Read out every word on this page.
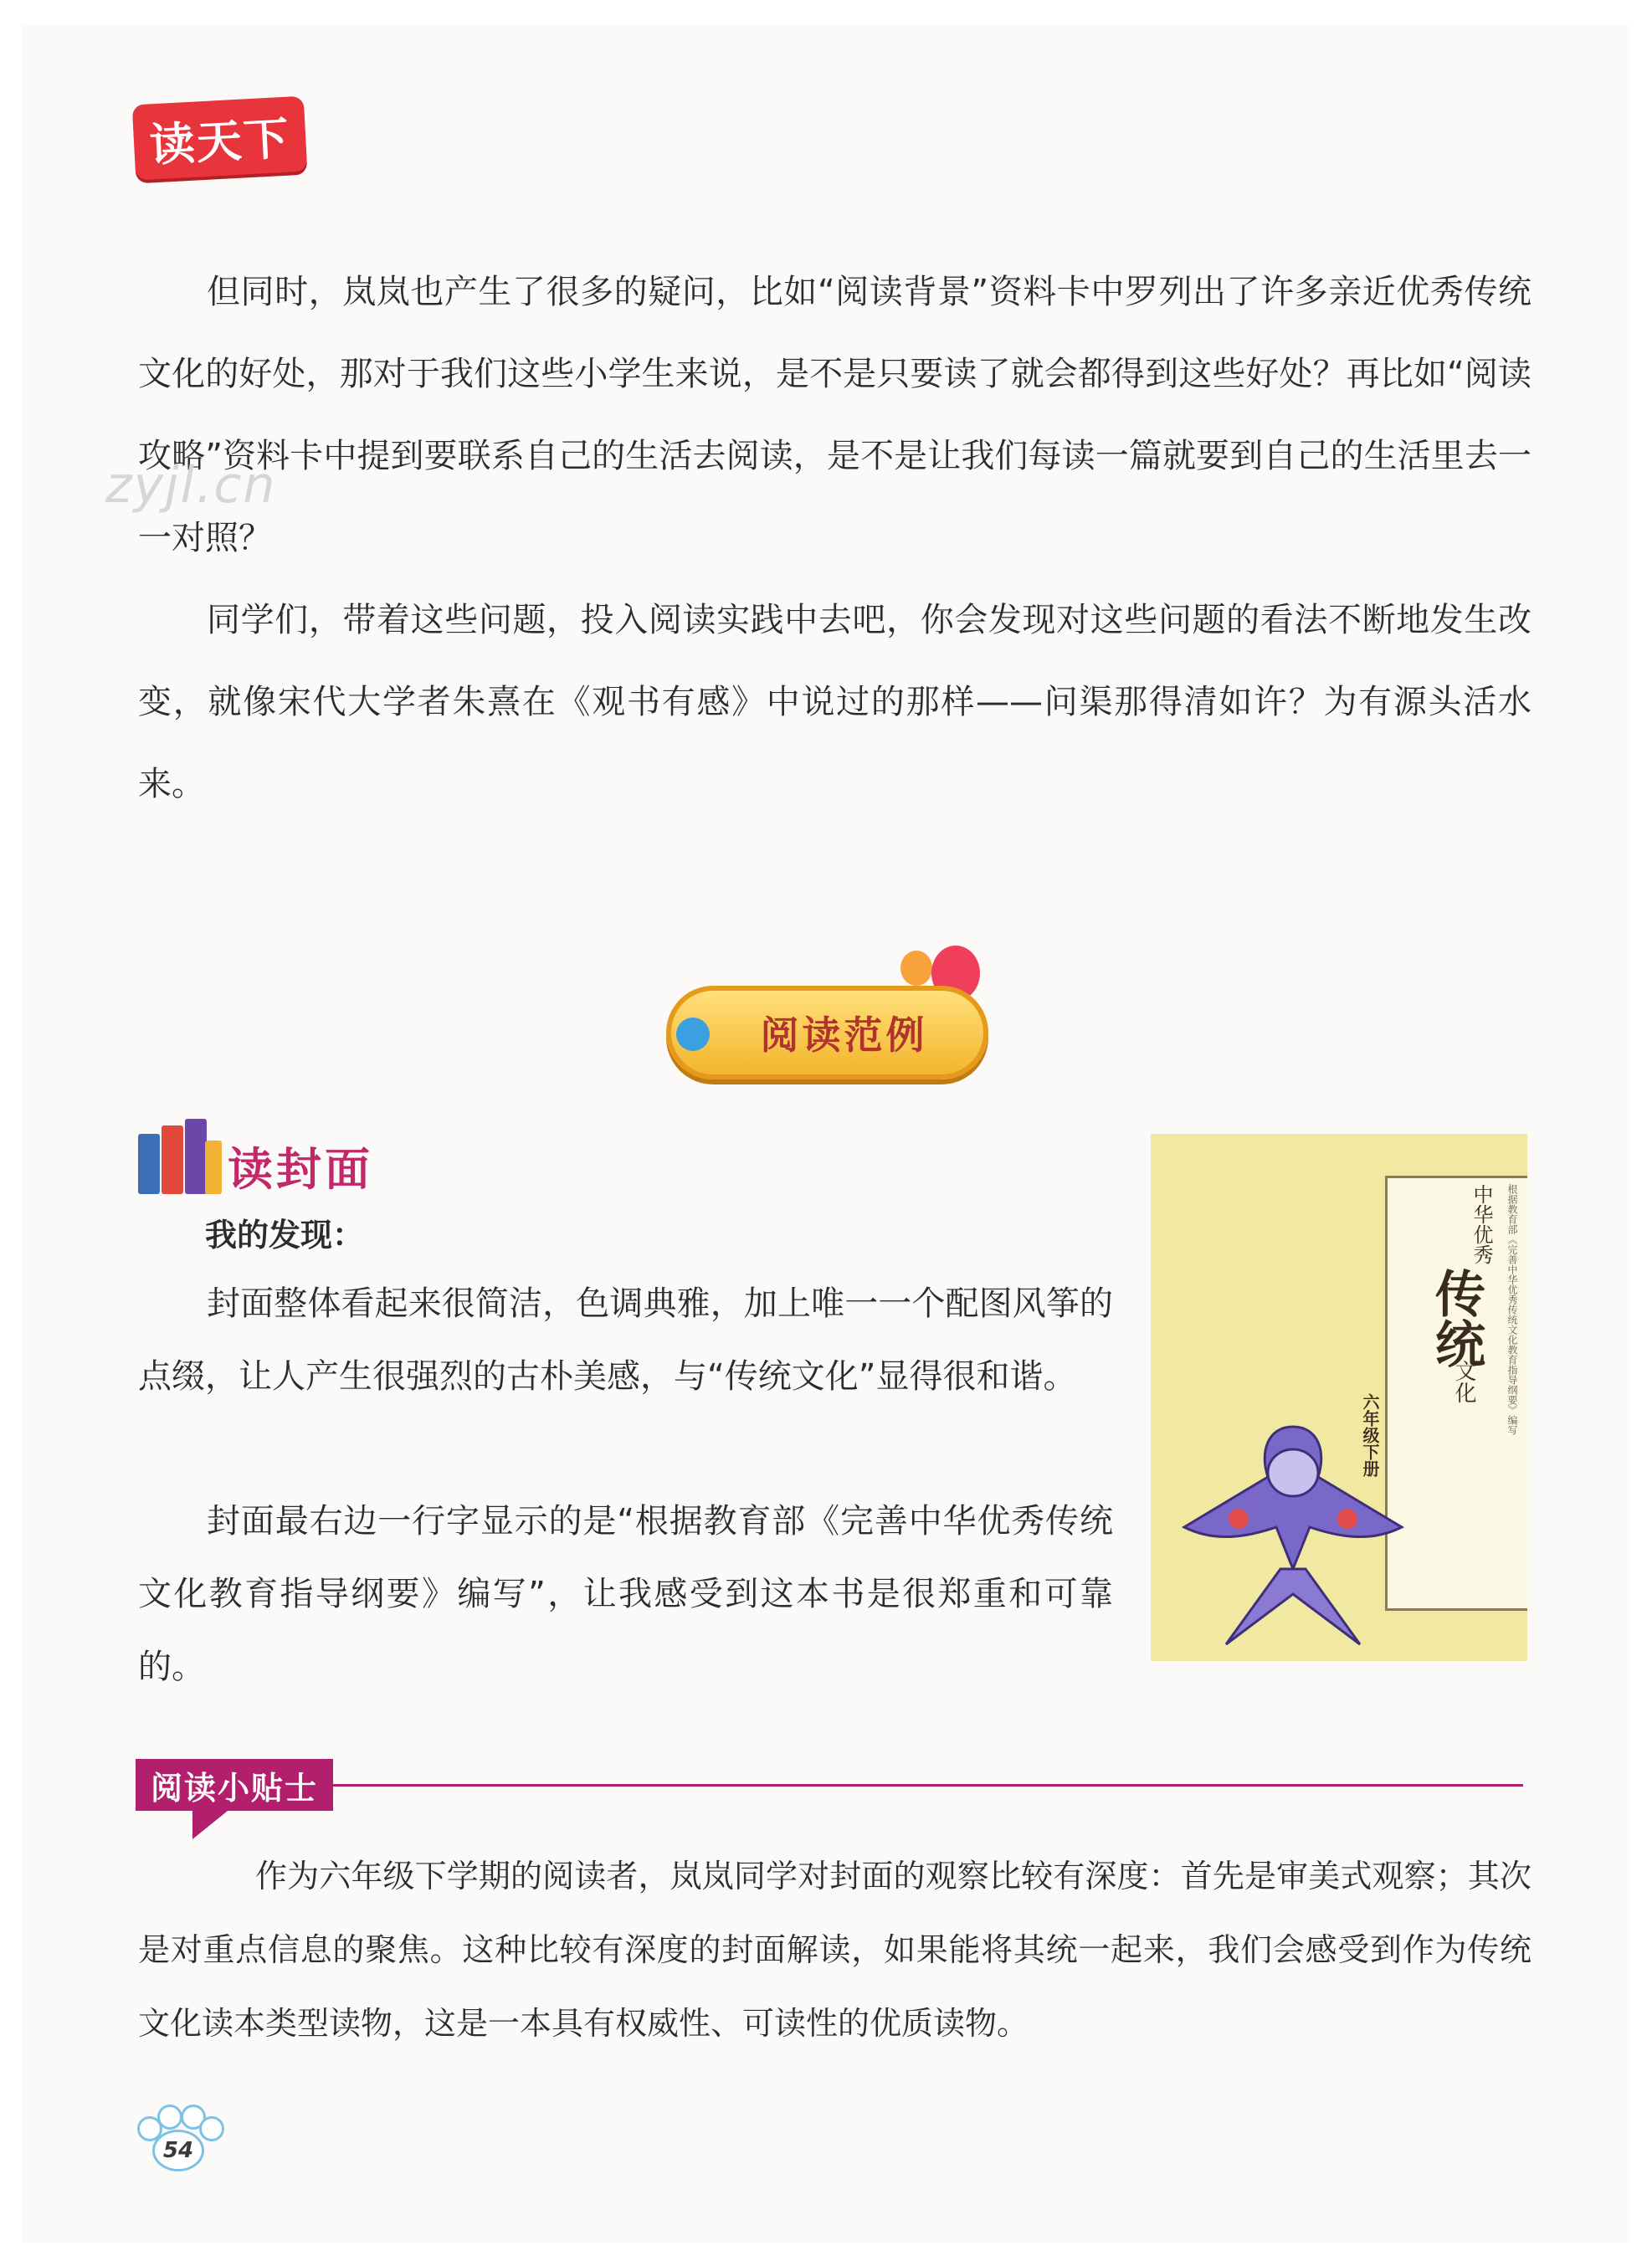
读天下

但同时，岚岚也产生了很多的疑问，比如“阅读背景”资料卡中罗列出了许多亲近优秀传统文化的好处，那对于我们这些小学生来说，是不是只要读了就会都得到这些好处？再比如“阅读攻略”资料卡中提到要联系自己的生活去阅读，是不是让我们每读一篇就要到自己的生活里去一一对照？

同学们，带着这些问题，投入阅读实践中去吧，你会发现对这些问题的看法不断地发生改变，就像宋代大学者朱熹在《观书有感》中说过的那样——问渠那得清如许？为有源头活水来。

zyjl.cn
阅读范例
读封面

我的发现：

封面整体看起来很简洁，色调典雅，加上唯一一个配图风筝的点缀，让人产生很强烈的古朴美感，与“传统文化”显得很和谐。

封面最右边一行字显示的是“根据教育部《完善中华优秀传统文化教育指导纲要》编写”，让我感受到这本书是很郑重和可靠的。

中华优秀
传统
文化	根据教育部《完善中华优秀传统文化教育指导纲要》编写
六年级下册
阅读小贴士

作为六年级下学期的阅读者，岚岚同学对封面的观察比较有深度：首先是审美式观察；其次是对重点信息的聚焦。这种比较有深度的封面解读，如果能将其统一起来，我们会感受到作为传统文化读本类型读物，这是一本具有权威性、可读性的优质读物。

54
